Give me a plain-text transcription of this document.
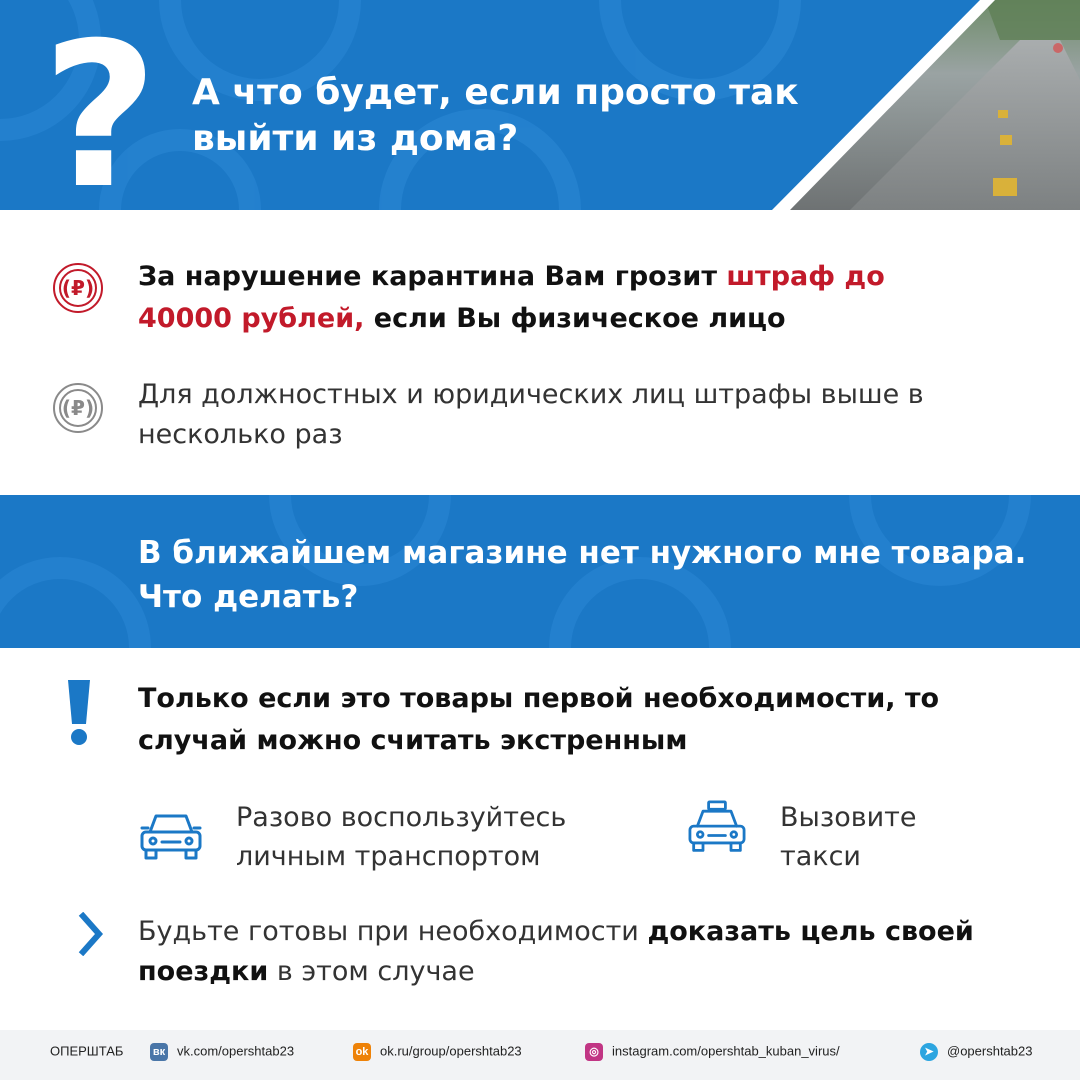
? А что будет, если просто так выйти из дома?
(₽) За нарушение карантина Вам грозит штраф до 40000 рублей, если Вы физическое лицо
(₽) Для должностных и юридических лиц штрафы выше в несколько раз
В ближайшем магазине нет нужного мне товара. Что делать?
Только если это товары первой необходимости, то случай можно считать экстренным
Разово воспользуйтесь
личным транспортом
Вызовите
такси
Будьте готовы при необходимости доказать цель своей поездки в этом случае
ОПЕРШТАБ	вк vk.com/opershtab23	ok ok.ru/group/opershtab23	◎ instagram.com/opershtab_kuban_virus/	➤ @opershtab23
